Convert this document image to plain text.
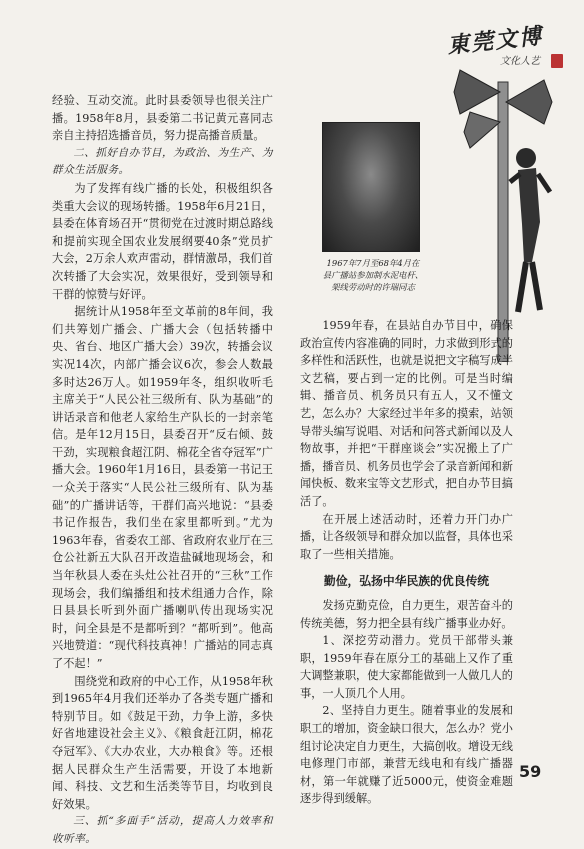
東莞文博
文化人艺
1967年7月至68年4月在
县广播站参加制水泥电杆、
架线劳动时的许瑞同志

经验、互动交流。此时县委领导也很关注广播。1958年8月，县委第二书记黄元喜同志亲自主持招选播音员，努力提高播音质量。

二、抓好自办节目，为政治、为生产、为群众生活服务。

为了发挥有线广播的长处，积极组织各类重大会议的现场转播。1958年6月21日，县委在体育场召开“贯彻党在过渡时期总路线和提前实现全国农业发展纲要40条”党员扩大会，2万余人欢声雷动，群情激昂，我们首次转播了大会实况，效果很好，受到领导和干群的惊赞与好评。

据统计从1958年至文革前的8年间，我们共筹划广播会、广播大会（包括转播中央、省台、地区广播大会）39次，转播会议实况14次，内部广播会议6次，参会人数最多时达26万人。如1959年冬，组织收听毛主席关于“人民公社三级所有、队为基础”的讲话录音和他老人家给生产队长的一封亲笔信。是年12月15日，县委召开“反右倾、鼓干劲，实现粮食超江阴、棉花全省夺冠军”广播大会。1960年1月16日，县委第一书记王一众关于落实“人民公社三级所有、队为基础”的广播讲话等，干群们高兴地说：“县委书记作报告，我们坐在家里都听到。”尤为1963年春，省委农工部、省政府农业厅在三仓公社新五大队召开改造盐碱地现场会，和当年秋县人委在头灶公社召开的“三秋”工作现场会，我们编播组和技术组通力合作，除日县县长听到外面广播喇叭传出现场实况时，问全县是不是都听到？“都听到”。他高兴地赞道：“现代科技真神！广播站的同志真了不起！”

围绕党和政府的中心工作，从1958年秋到1965年4月我们还举办了各类专题广播和特别节目。如《鼓足干劲，力争上游，多快好省地建设社会主义》、《粮食赶江阴，棉花夺冠军》、《大办农业，大办粮食》等。还根据人民群众生产生活需要，开设了本地新闻、科技、文艺和生活类等节目，均收到良好效果。

三、抓“多面手”活动，提高人力效率和收听率。

1959年春，在县站自办节目中，确保政治宣传内容准确的同时，力求做到形式的多样性和活跃性，也就是说把文字稿写成半文艺稿，要占到一定的比例。可是当时编辑、播音员、机务员只有五人，又不懂文艺，怎么办？大家经过半年多的摸索，站领导带头编写说唱、对话和问答式新闻以及人物故事，并把“干群座谈会”实况搬上了广播，播音员、机务员也学会了录音新闻和新闻快板、数来宝等文艺形式，把自办节目搞活了。

在开展上述活动时，还着力开门办广播，让各级领导和群众加以监督，具体也采取了一些相关措施。

勤俭，弘扬中华民族的优良传统

发扬克勤克俭，自力更生，艰苦奋斗的传统美德，努力把全县有线广播事业办好。

1、深挖劳动潜力。党员干部带头兼职，1959年春在原分工的基础上又作了重大调整兼职，使大家都能做到一人做几人的事，一人顶几个人用。

2、坚持自力更生。随着事业的发展和职工的增加，资金缺口很大，怎么办？党小组讨论决定自力更生，大搞创收。增设无线电修理门市部，兼营无线电和有线广播器材，第一年就赚了近5000元，使资金难题逐步得到缓解。

59
